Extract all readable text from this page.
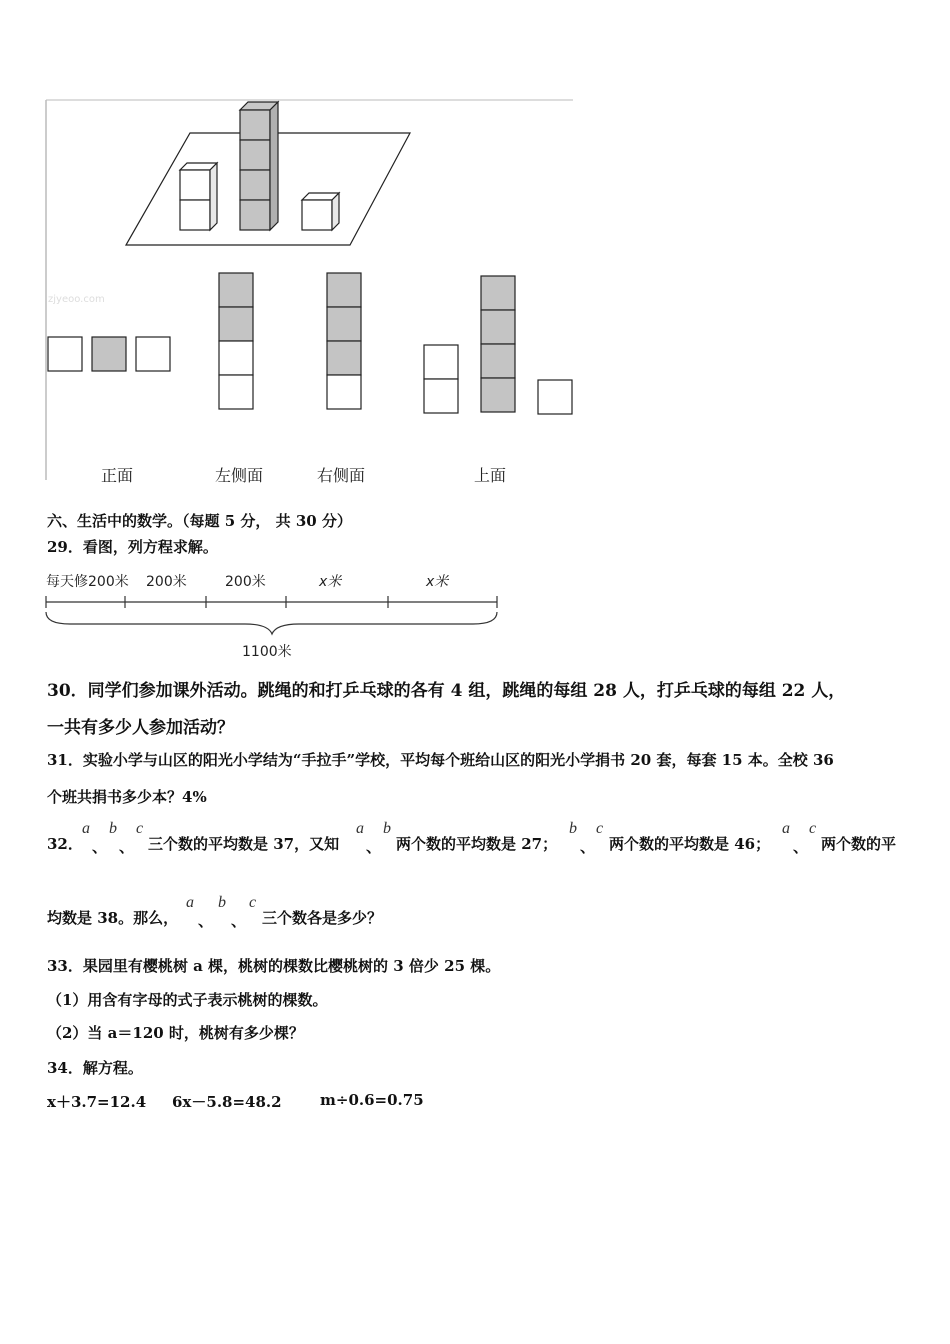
zjyeoo.com
正面	左侧面	右侧面	上面
六、生活中的数学。（每题 5 分， 共 30 分）
29．看图，列方程求解。
每天修200米 200米	200米	x米	x米
1100米
30．同学们参加课外活动。跳绳的和打乒乓球的各有 4 组，跳绳的每组 28 人，打乒乓球的每组 22 人，
一共有多少人参加活动？
31．实验小学与山区的阳光小学结为“手拉手”学校，平均每个班给山区的阳光小学捐书 20 套，每套 15 本。全校 36
个班共捐书多少本？4%
32．
a
、
b
、
c
三个数的平均数是 37，又知
a
、
b
两个数的平均数是 27；
b
、
c
两个数的平均数是 46；
a
、
c
两个数的平
均数是 38。那么，
a
、
b
、
c
三个数各是多少？
33．果园里有樱桃树 a 棵，桃树的棵数比樱桃树的 3 倍少 25 棵。
（1）用含有字母的式子表示桃树的棵数。
（2）当 a＝120 时，桃树有多少棵？
34．解方程。
x＋3.7=12.4 6x－5.8=48.2	m÷0.6=0.75
